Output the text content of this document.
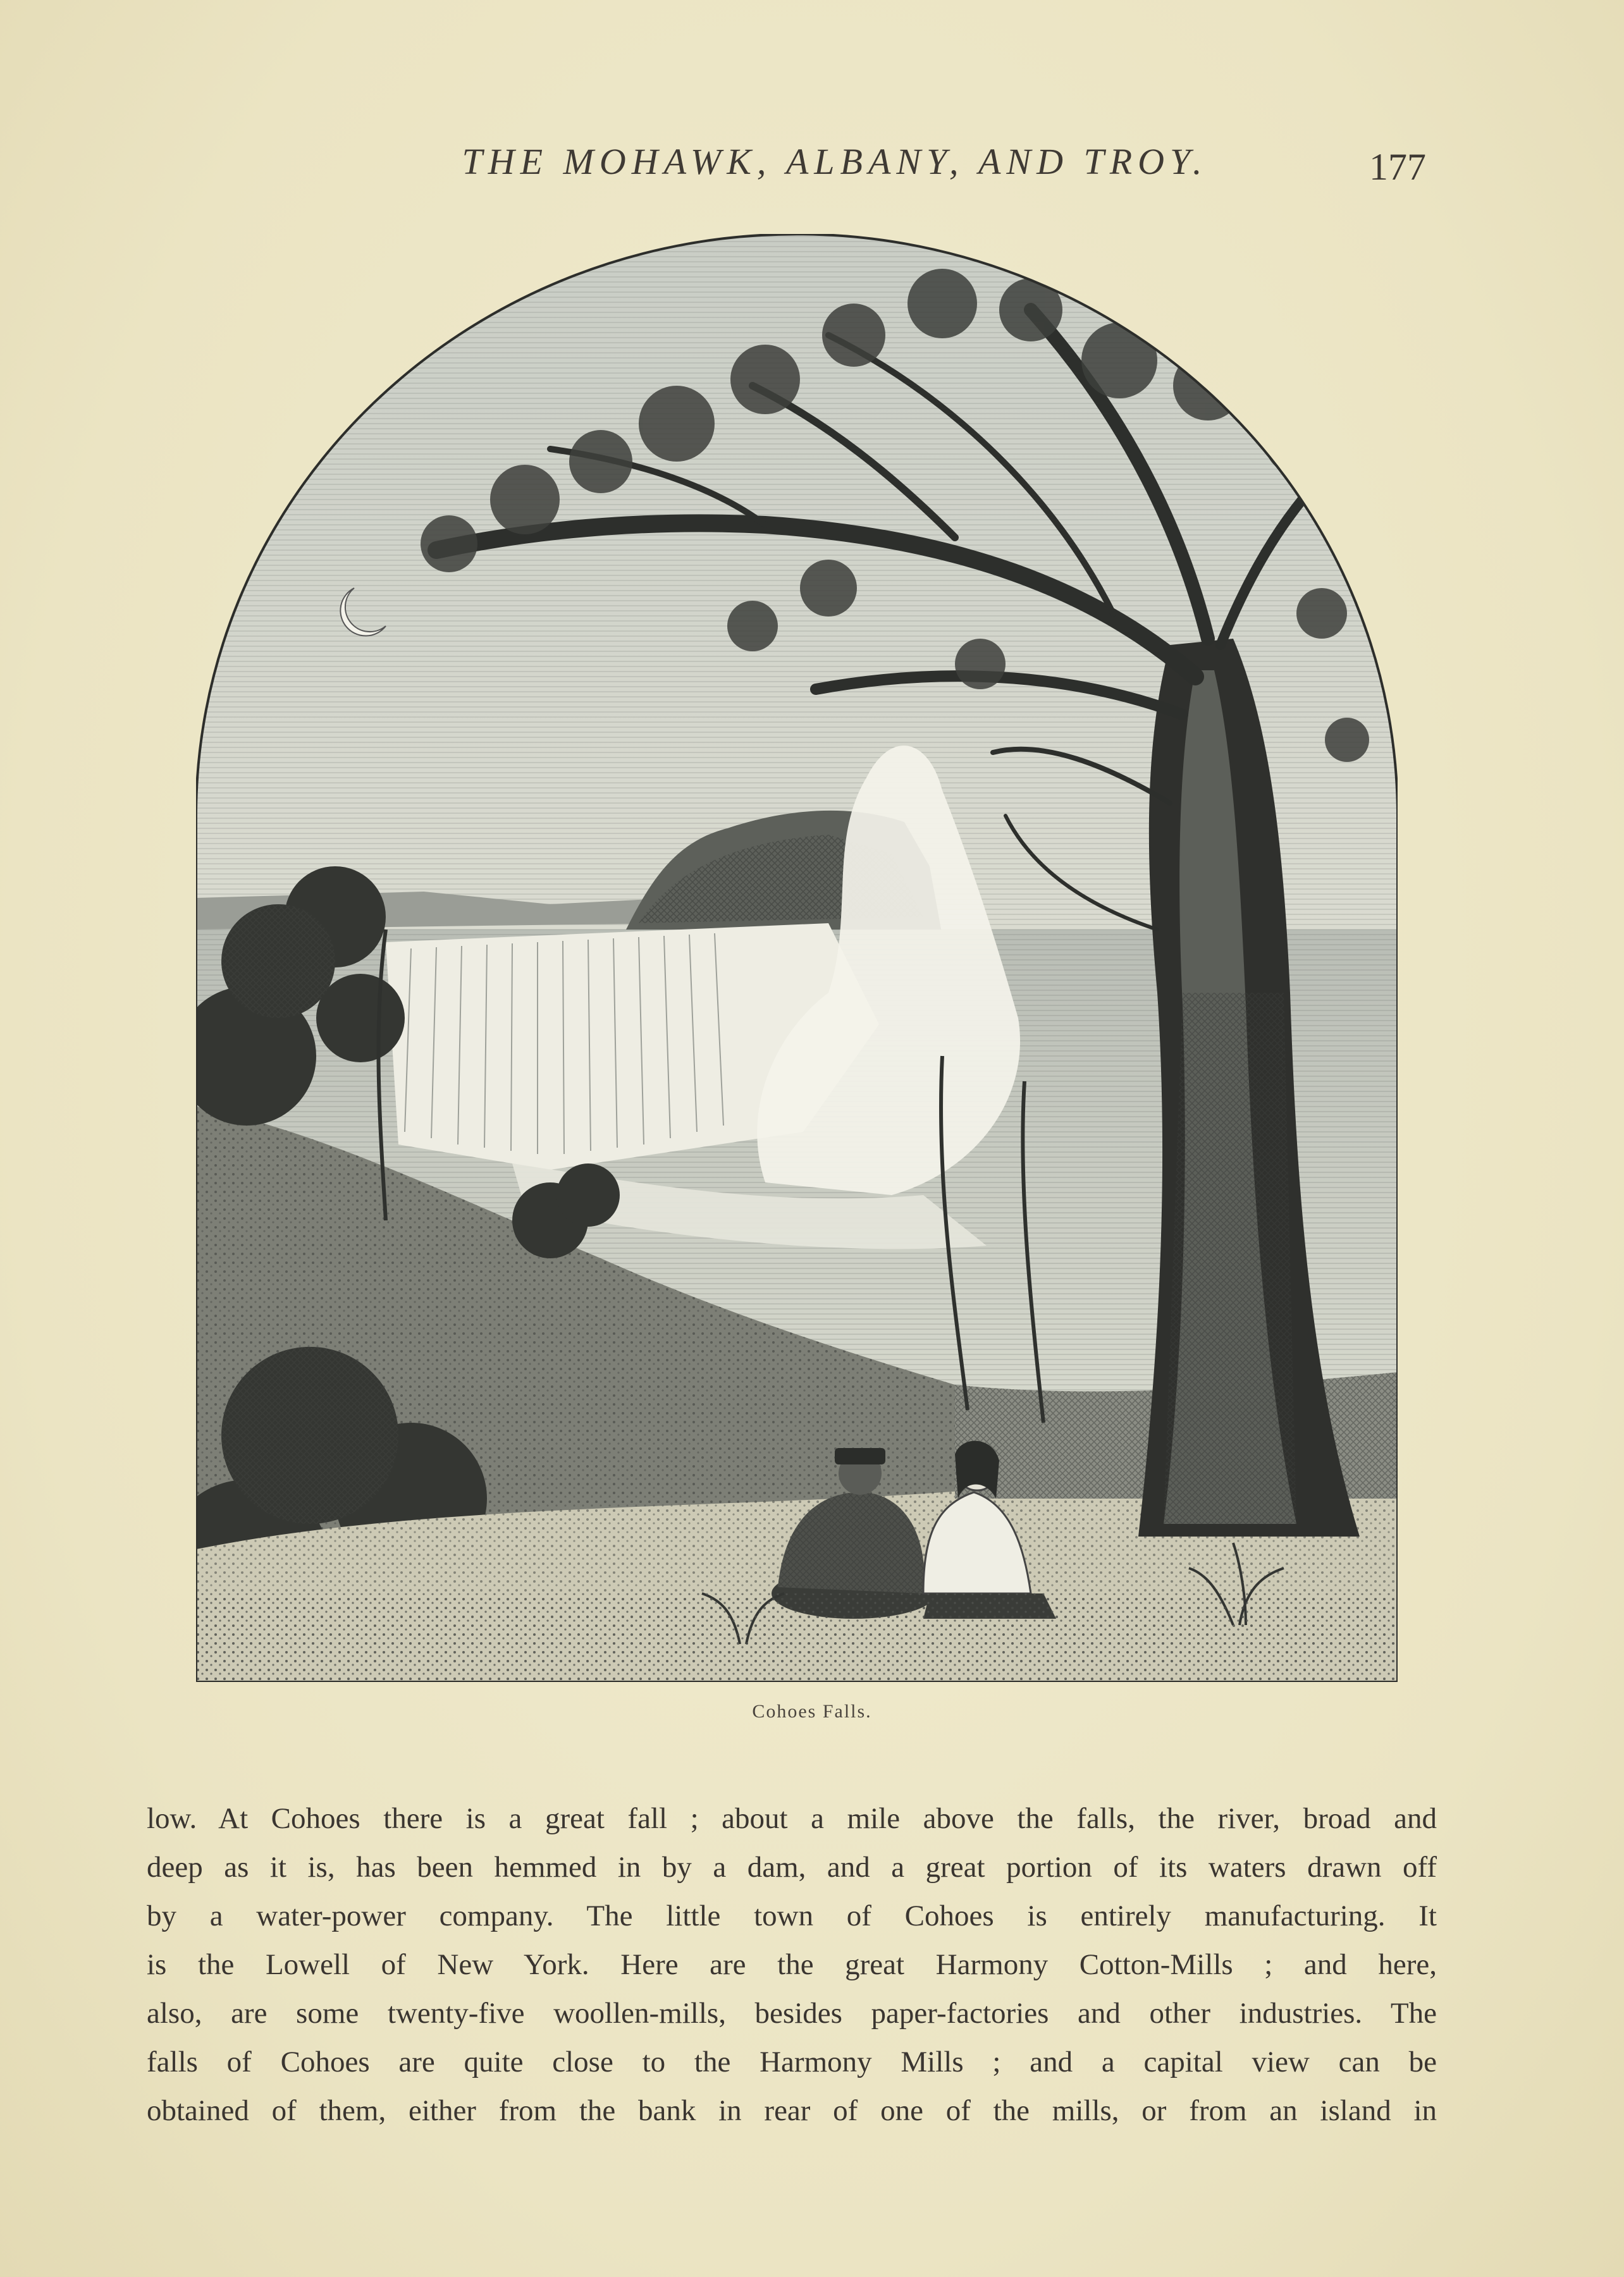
THE MOHAWK, ALBANY, AND TROY.	177
Cohoes Falls.
low. At Cohoes there is a great fall ; about a mile above the falls, the river, broad and
deep as it is, has been hemmed in by a dam, and a great portion of its waters drawn off
by a water-power company. The little town of Cohoes is entirely manufacturing. It
is the Lowell of New York. Here are the great Harmony Cotton-Mills ; and here,
also, are some twenty-five woollen-mills, besides paper-factories and other industries. The
falls of Cohoes are quite close to the Harmony Mills ; and a capital view can be
obtained of them, either from the bank in rear of one of the mills, or from an island in
